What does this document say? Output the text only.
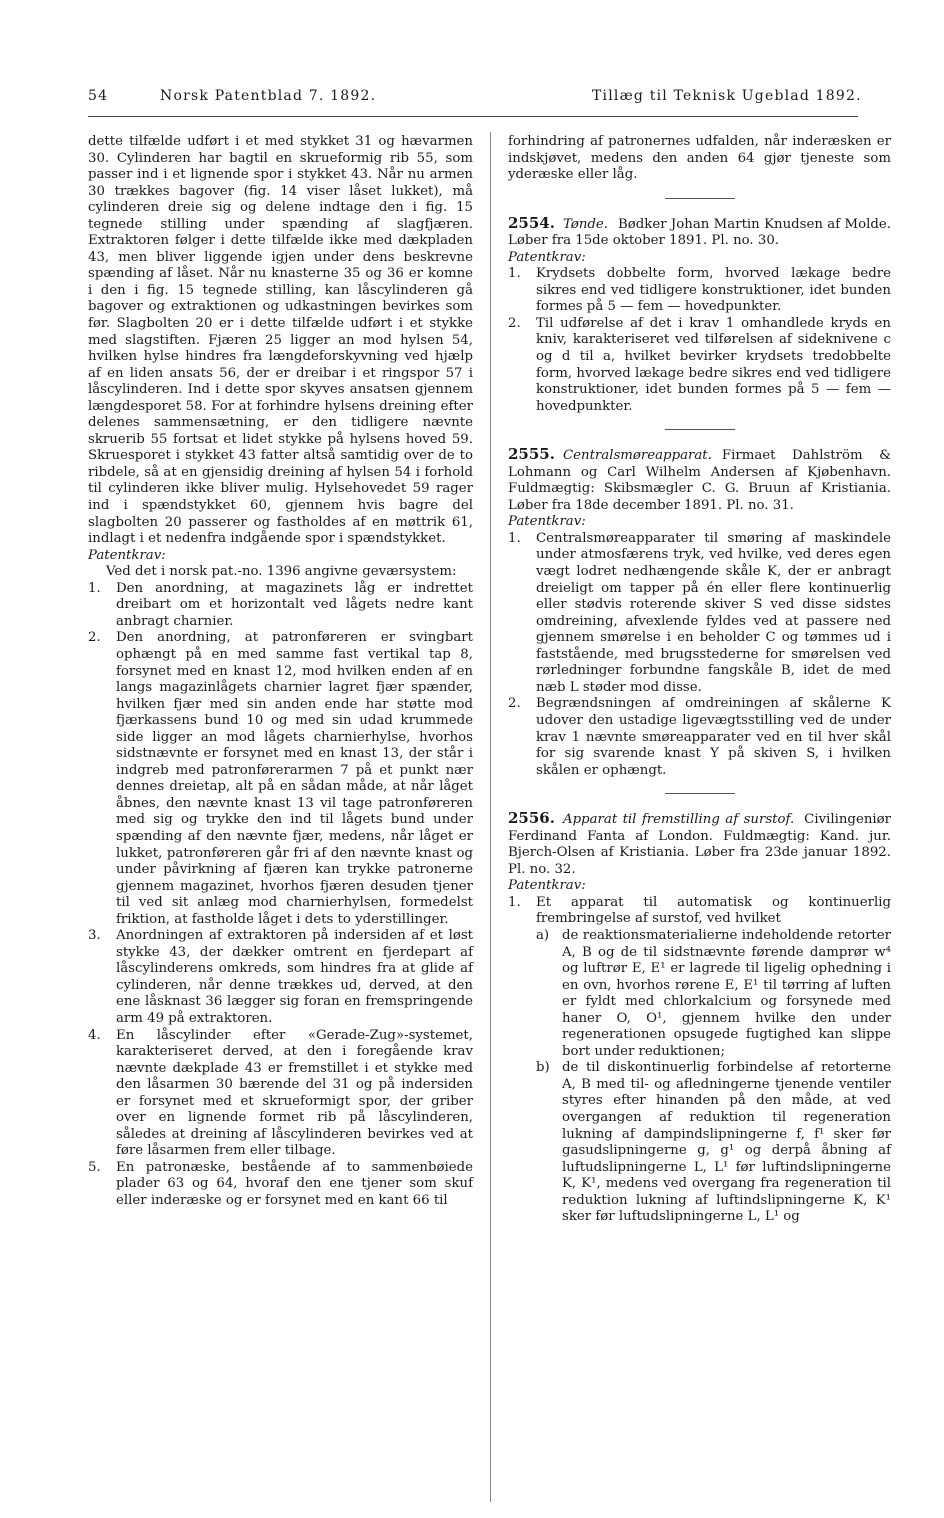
54	Norsk Patentblad 7. 1892.	Tillæg til Teknisk Ugeblad 1892.

dette tilfælde udført i et med stykket 31 og hævarmen 30. Cylinderen har bagtil en skrueformig rib 55, som passer ind i et lignende spor i stykket 43. Når nu armen 30 trækkes bagover (fig. 14 viser låset lukket), må cylinderen dreie sig og delene indtage den i fig. 15 tegnede stilling under spænding af slagfjæren. Extraktoren følger i dette tilfælde ikke med dækpladen 43, men bliver liggende igjen under dens beskrevne spænding af låset. Når nu knasterne 35 og 36 er komne i den i fig. 15 tegnede stilling, kan låscylinderen gå bagover og extraktionen og udkastningen bevirkes som før. Slagbolten 20 er i dette tilfælde udført i et stykke med slagstiften. Fjæren 25 ligger an mod hylsen 54, hvilken hylse hindres fra længdeforskyvning ved hjælp af en liden ansats 56, der er dreibar i et ringspor 57 i låscylinderen. Ind i dette spor skyves ansatsen gjennem længdesporet 58. For at forhindre hylsens dreining efter delenes sammensætning, er den tidligere nævnte skruerib 55 fortsat et lidet stykke på hylsens hoved 59. Skruesporet i stykket 43 fatter altså samtidig over de to ribdele, så at en gjensidig dreining af hylsen 54 i forhold til cylinderen ikke bliver mulig. Hylsehovedet 59 rager ind i spændstykket 60, gjennem hvis bagre del slagbolten 20 passerer og fastholdes af en møttrik 61, indlagt i et nedenfra indgående spor i spændstykket.

Patentkrav:

Ved det i norsk pat.-no. 1396 angivne geværsystem:

1.	Den anordning, at magazinets låg er indrettet dreibart om et horizontalt ved lågets nedre kant anbragt charnier.
2.	Den anordning, at patronføreren er svingbart ophængt på en med samme fast vertikal tap 8, forsynet med en knast 12, mod hvilken enden af en langs magazinlågets charnier lagret fjær spænder, hvilken fjær med sin anden ende har støtte mod fjærkassens bund 10 og med sin udad krummede side ligger an mod lågets charnierhylse, hvorhos sidstnævnte er forsynet med en knast 13, der står i indgreb med patronførerarmen 7 på et punkt nær dennes dreietap, alt på en sådan måde, at når låget åbnes, den nævnte knast 13 vil tage patronføreren med sig og trykke den ind til lågets bund under spænding af den nævnte fjær, medens, når låget er lukket, patronføreren går fri af den nævnte knast og under påvirkning af fjæren kan trykke patronerne gjennem magazinet, hvorhos fjæren desuden tjener til ved sit anlæg mod charnierhylsen, formedelst friktion, at fastholde låget i dets to yderstillinger.
3.	Anordningen af extraktoren på indersiden af et løst stykke 43, der dækker omtrent en fjerdepart af låscylinderens omkreds, som hindres fra at glide af cylinderen, når denne trækkes ud, derved, at den ene låsknast 36 lægger sig foran en fremspringende arm 49 på extraktoren.
4.	En låscylinder efter «Gerade-Zug»-systemet, karakteriseret derved, at den i foregående krav nævnte dækplade 43 er fremstillet i et stykke med den låsarmen 30 bærende del 31 og på indersiden er forsynet med et skrueformigt spor, der griber over en lignende formet rib på låscylinderen, således at dreining af låscylinderen bevirkes ved at føre låsarmen frem eller tilbage.
5.	En patronæske, bestående af to sammenbøiede plader 63 og 64, hvoraf den ene tjener som skuf eller inderæske og er forsynet med en kant 66 til

forhindring af patronernes udfalden, når inderæsken er indskjøvet, medens den anden 64 gjør tjeneste som yderæske eller låg.

2554. Tønde. Bødker Johan Martin Knudsen af Molde. Løber fra 15de oktober 1891. Pl. no. 30.

Patentkrav:

1.	Krydsets dobbelte form, hvorved lækage bedre sikres end ved tidligere konstruktioner, idet bunden formes på 5 — fem — hovedpunkter.
2.	Til udførelse af det i krav 1 omhandlede kryds en kniv, karakteriseret ved tilførelsen af sideknivene c og d til a, hvilket bevirker krydsets tredobbelte form, hvorved lækage bedre sikres end ved tidligere konstruktioner, idet bunden formes på 5 — fem — hovedpunkter.

2555. Centralsmøreapparat. Firmaet Dahlström & Lohmann og Carl Wilhelm Andersen af Kjøbenhavn. Fuldmægtig: Skibsmægler C. G. Bruun af Kristiania. Løber fra 18de december 1891. Pl. no. 31.

Patentkrav:

1.	Centralsmøreapparater til smøring af maskindele under atmosfærens tryk, ved hvilke, ved deres egen vægt lodret nedhængende skåle K, der er anbragt dreieligt om tapper på én eller flere kontinuerlig eller stødvis roterende skiver S ved disse sidstes omdreining, afvexlende fyldes ved at passere ned gjennem smørelse i en beholder C og tømmes ud i faststående, med brugsstederne for smørelsen ved rørledninger forbundne fangskåle B, idet de med næb L støder mod disse.
2.	Begrændsningen af omdreiningen af skålerne K udover den ustadige ligevægtsstilling ved de under krav 1 nævnte smøreapparater ved en til hver skål for sig svarende knast Y på skiven S, i hvilken skålen er ophængt.

2556. Apparat til fremstilling af surstof. Civilingeniør Ferdinand Fanta af London. Fuldmægtig: Kand. jur. Bjerch-Olsen af Kristiania. Løber fra 23de januar 1892. Pl. no. 32.

Patentkrav:

1.	Et apparat til automatisk og kontinuerlig frembringelse af surstof, ved hvilket
a) de reaktionsmaterialierne indeholdende retorter A, B og de til sidstnævnte førende damprør w⁴ og luftrør E, E¹ er lagrede til ligelig ophedning i en ovn, hvorhos rørene E, E¹ til tørring af luften er fyldt med chlorkalcium og forsynede med haner O, O¹, gjennem hvilke den under regenerationen opsugede fugtighed kan slippe bort under reduktionen;
b) de til diskontinuerlig forbindelse af retorterne A, B med til- og afledningerne tjenende ventiler styres efter hinanden på den måde, at ved overgangen af reduktion til regeneration lukning af dampindslipningerne f, f¹ sker før gasudslipningerne g, g¹ og derpå åbning af luftudslipningerne L, L¹ før luftindslipningerne K, K¹, medens ved overgang fra regeneration til reduktion lukning af luftindslipningerne K, K¹ sker før luftudslipningerne L, L¹ og
